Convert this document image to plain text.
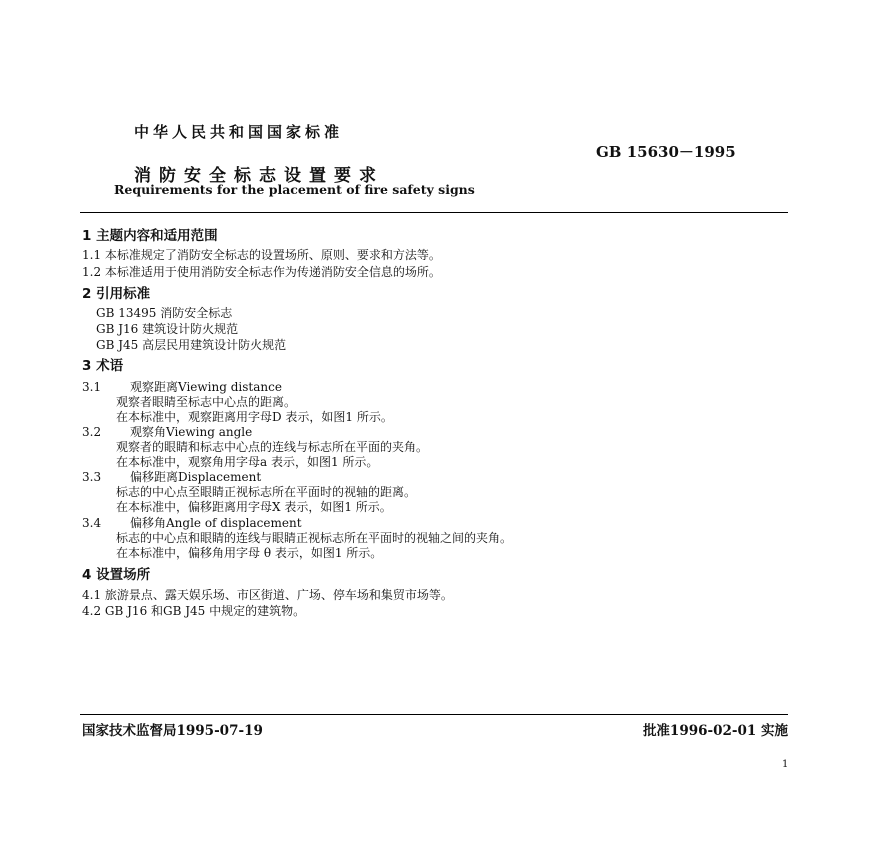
中华人民共和国国家标准
GB 15630－1995
消防安全标志设置要求
Requirements for the placement of fire safety signs
1 主题内容和适用范围
1.1 本标准规定了消防安全标志的设置场所、原则、要求和方法等。
1.2 本标准适用于使用消防安全标志作为传递消防安全信息的场所。
2 引用标准
GB 13495 消防安全标志
GB J16 建筑设计防火规范
GB J45 高层民用建筑设计防火规范
3 术语
3.1 观察距离Viewing distance
观察者眼睛至标志中心点的距离。
在本标准中，观察距离用字母D 表示，如图1 所示。
3.2 观察角Viewing angle
观察者的眼睛和标志中心点的连线与标志所在平面的夹角。
在本标准中，观察角用字母a 表示，如图1 所示。
3.3 偏移距离Displacement
标志的中心点至眼睛正视标志所在平面时的视轴的距离。
在本标准中，偏移距离用字母X 表示，如图1 所示。
3.4 偏移角Angle of displacement
标志的中心点和眼睛的连线与眼睛正视标志所在平面时的视轴之间的夹角。
在本标准中，偏移角用字母 θ 表示，如图1 所示。
4 设置场所
4.1 旅游景点、露天娱乐场、市区街道、广场、停车场和集贸市场等。
4.2 GB J16 和GB J45 中规定的建筑物。
国家技术监督局1995-07-19	批准1996-02-01 实施
1
